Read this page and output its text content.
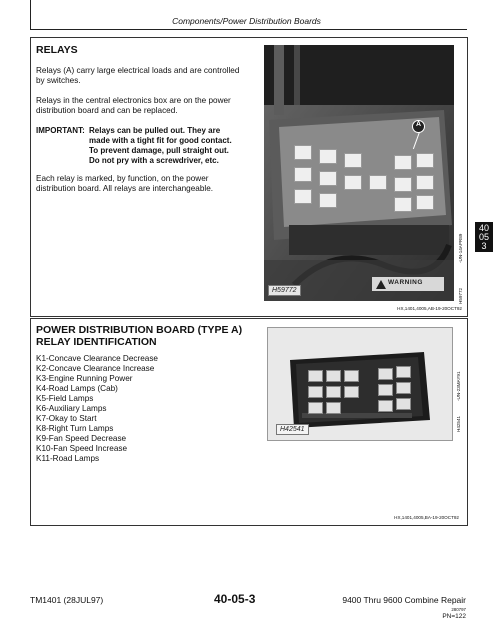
Components/Power Distribution Boards
RELAYS
Relays (A) carry large electrical loads and are controlled
by switches.
Relays in the central electronics box are on the power
distribution board and can be replaced.
IMPORTANT: Relays can be pulled out. They are
made with a tight fit for good contact.
To prevent damage, pull straight out.
Do not pry with a screwdriver, etc.
Each relay is marked, by function, on the power
distribution board. All relays are interchangeable.
A
H59772
WARNING
-UN-14APR89
H59772
HX,1401,4005,AB-19-20OCT92
40
05
3
POWER DISTRIBUTION BOARD (TYPE A)
RELAY IDENTIFICATION
K1-Concave Clearance Decrease
K2-Concave Clearance Increase
K3-Engine Running Power
K4-Road Lamps (Cab)
K5-Field Lamps
K6-Auxiliary Lamps
K7-Okay to Start
K8-Right Turn Lamps
K9-Fan Speed Decrease
K10-Fan Speed Increase
K11-Road Lamps
H42541
-UN-23MAY91
H42541
HX,1401,4005,BA-19-20OCT92
TM1401 (28JUL97)	40-05-3	9400 Thru 9600 Combine Repair
280797
PN=122
